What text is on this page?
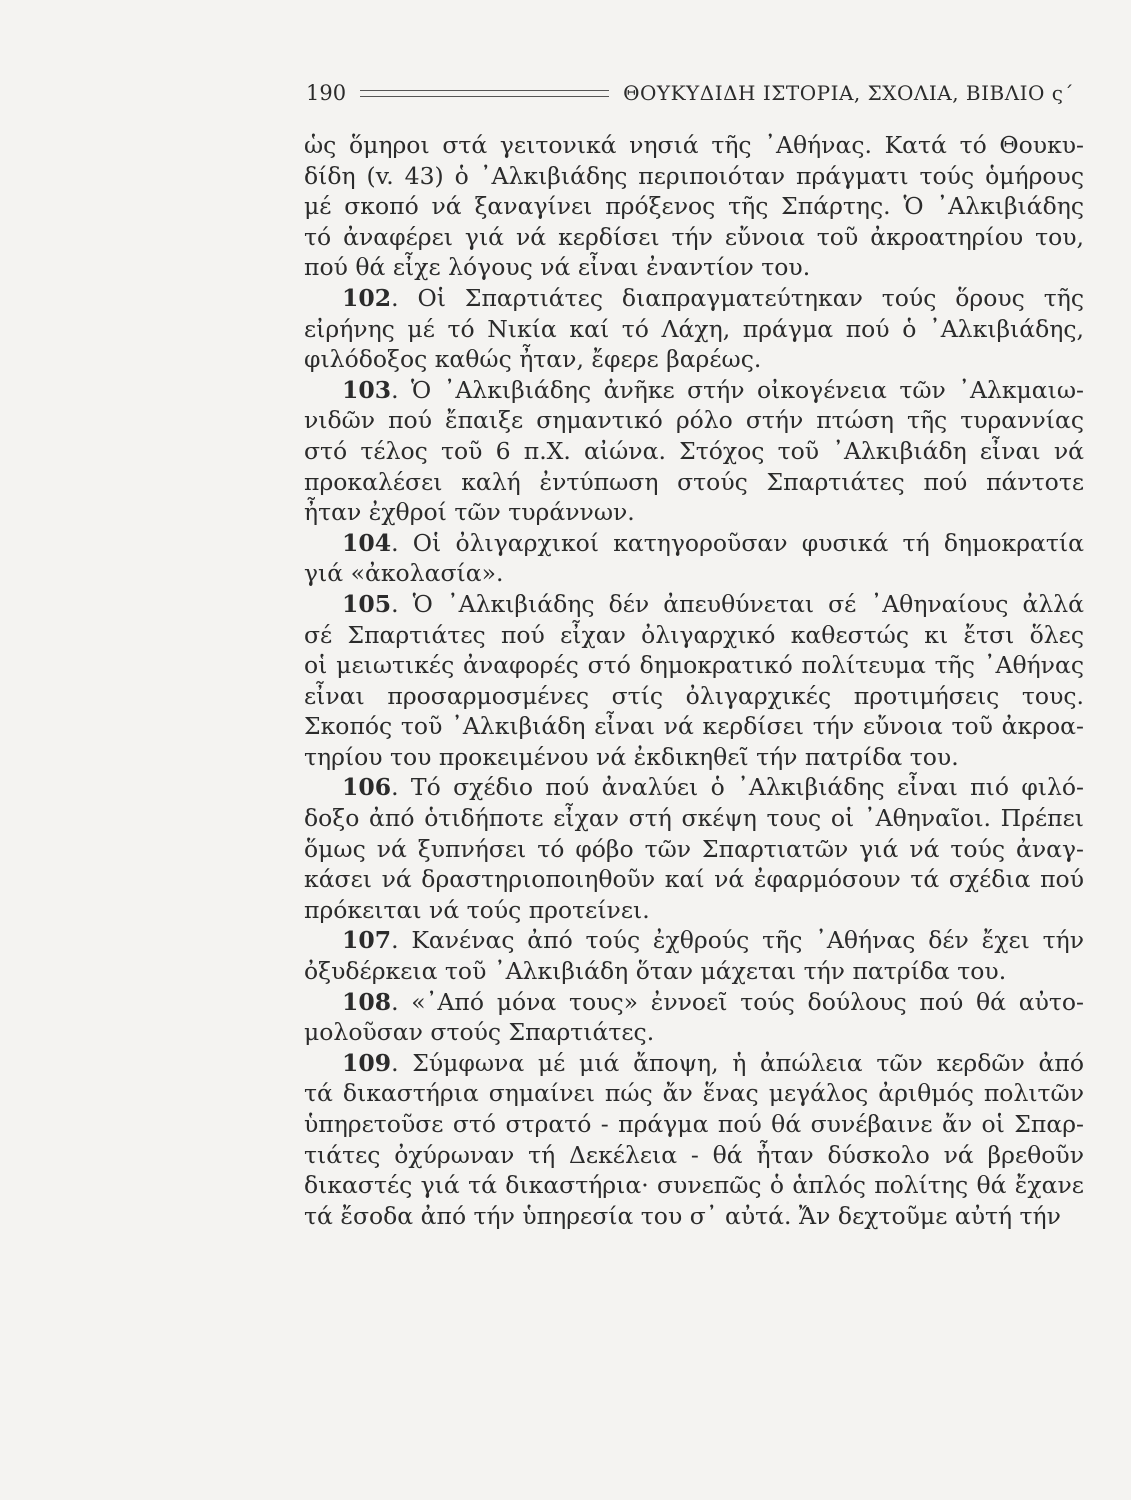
190	ΘΟΥΚΥΔΙΔΗ ΙΣΤΟΡΙΑ, ΣΧΟΛΙΑ, ΒΙΒΛΙΟ ς΄
ὡς ὅμηροι στά γειτονικά νησιά τῆς ᾿Αθήνας. Κατά τό Θουκυ-
δίδη (v. 43) ὁ ᾿Αλκιβιάδης περιποιόταν πράγματι τούς ὁμήρους
μέ σκοπό νά ξαναγίνει πρόξενος τῆς Σπάρτης. Ὁ ᾿Αλκιβιάδης
τό ἀναφέρει γιά νά κερδίσει τήν εὔνοια τοῦ ἀκροατηρίου του,
πού θά εἶχε λόγους νά εἶναι ἐναντίον του.
102. Οἱ Σπαρτιάτες διαπραγματεύτηκαν τούς ὅρους τῆς
εἰρήνης μέ τό Νικία καί τό Λάχη, πράγμα πού ὁ ᾿Αλκιβιάδης,
φιλόδοξος καθώς ἦταν, ἔφερε βαρέως.
103. Ὁ ᾿Αλκιβιάδης ἀνῆκε στήν οἰκογένεια τῶν ᾿Αλκμαιω-
νιδῶν πού ἔπαιξε σημαντικό ρόλο στήν πτώση τῆς τυραννίας
στό τέλος τοῦ 6 π.Χ. αἰώνα. Στόχος τοῦ ᾿Αλκιβιάδη εἶναι νά
προκαλέσει καλή ἐντύπωση στούς Σπαρτιάτες πού πάντοτε
ἦταν ἐχθροί τῶν τυράννων.
104. Οἱ ὀλιγαρχικοί κατηγοροῦσαν φυσικά τή δημοκρατία
γιά «ἀκολασία».
105. Ὁ ᾿Αλκιβιάδης δέν ἀπευθύνεται σέ ᾿Αθηναίους ἀλλά
σέ Σπαρτιάτες πού εἶχαν ὀλιγαρχικό καθεστώς κι ἔτσι ὅλες
οἱ μειωτικές ἀναφορές στό δημοκρατικό πολίτευμα τῆς ᾿Αθήνας
εἶναι προσαρμοσμένες στίς ὀλιγαρχικές προτιμήσεις τους.
Σκοπός τοῦ ᾿Αλκιβιάδη εἶναι νά κερδίσει τήν εὔνοια τοῦ ἀκροα-
τηρίου του προκειμένου νά ἐκδικηθεῖ τήν πατρίδα του.
106. Τό σχέδιο πού ἀναλύει ὁ ᾿Αλκιβιάδης εἶναι πιό φιλό-
δοξο ἀπό ὁτιδήποτε εἶχαν στή σκέψη τους οἱ ᾿Αθηναῖοι. Πρέπει
ὅμως νά ξυπνήσει τό φόβο τῶν Σπαρτιατῶν γιά νά τούς ἀναγ-
κάσει νά δραστηριοποιηθοῦν καί νά ἐφαρμόσουν τά σχέδια πού
πρόκειται νά τούς προτείνει.
107. Κανένας ἀπό τούς ἐχθρούς τῆς ᾿Αθήνας δέν ἔχει τήν
ὀξυδέρκεια τοῦ ᾿Αλκιβιάδη ὅταν μάχεται τήν πατρίδα του.
108. «᾿Από μόνα τους» ἐννοεῖ τούς δούλους πού θά αὐτο-
μολοῦσαν στούς Σπαρτιάτες.
109. Σύμφωνα μέ μιά ἄποψη, ἡ ἀπώλεια τῶν κερδῶν ἀπό
τά δικαστήρια σημαίνει πώς ἄν ἕνας μεγάλος ἀριθμός πολιτῶν
ὑπηρετοῦσε στό στρατό - πράγμα πού θά συνέβαινε ἄν οἱ Σπαρ-
τιάτες ὀχύρωναν τή Δεκέλεια - θά ἦταν δύσκολο νά βρεθοῦν
δικαστές γιά τά δικαστήρια· συνεπῶς ὁ ἁπλός πολίτης θά ἔχανε
τά ἔσοδα ἀπό τήν ὑπηρεσία του σ᾿ αὐτά. Ἄν δεχτοῦμε αὐτή τήν
